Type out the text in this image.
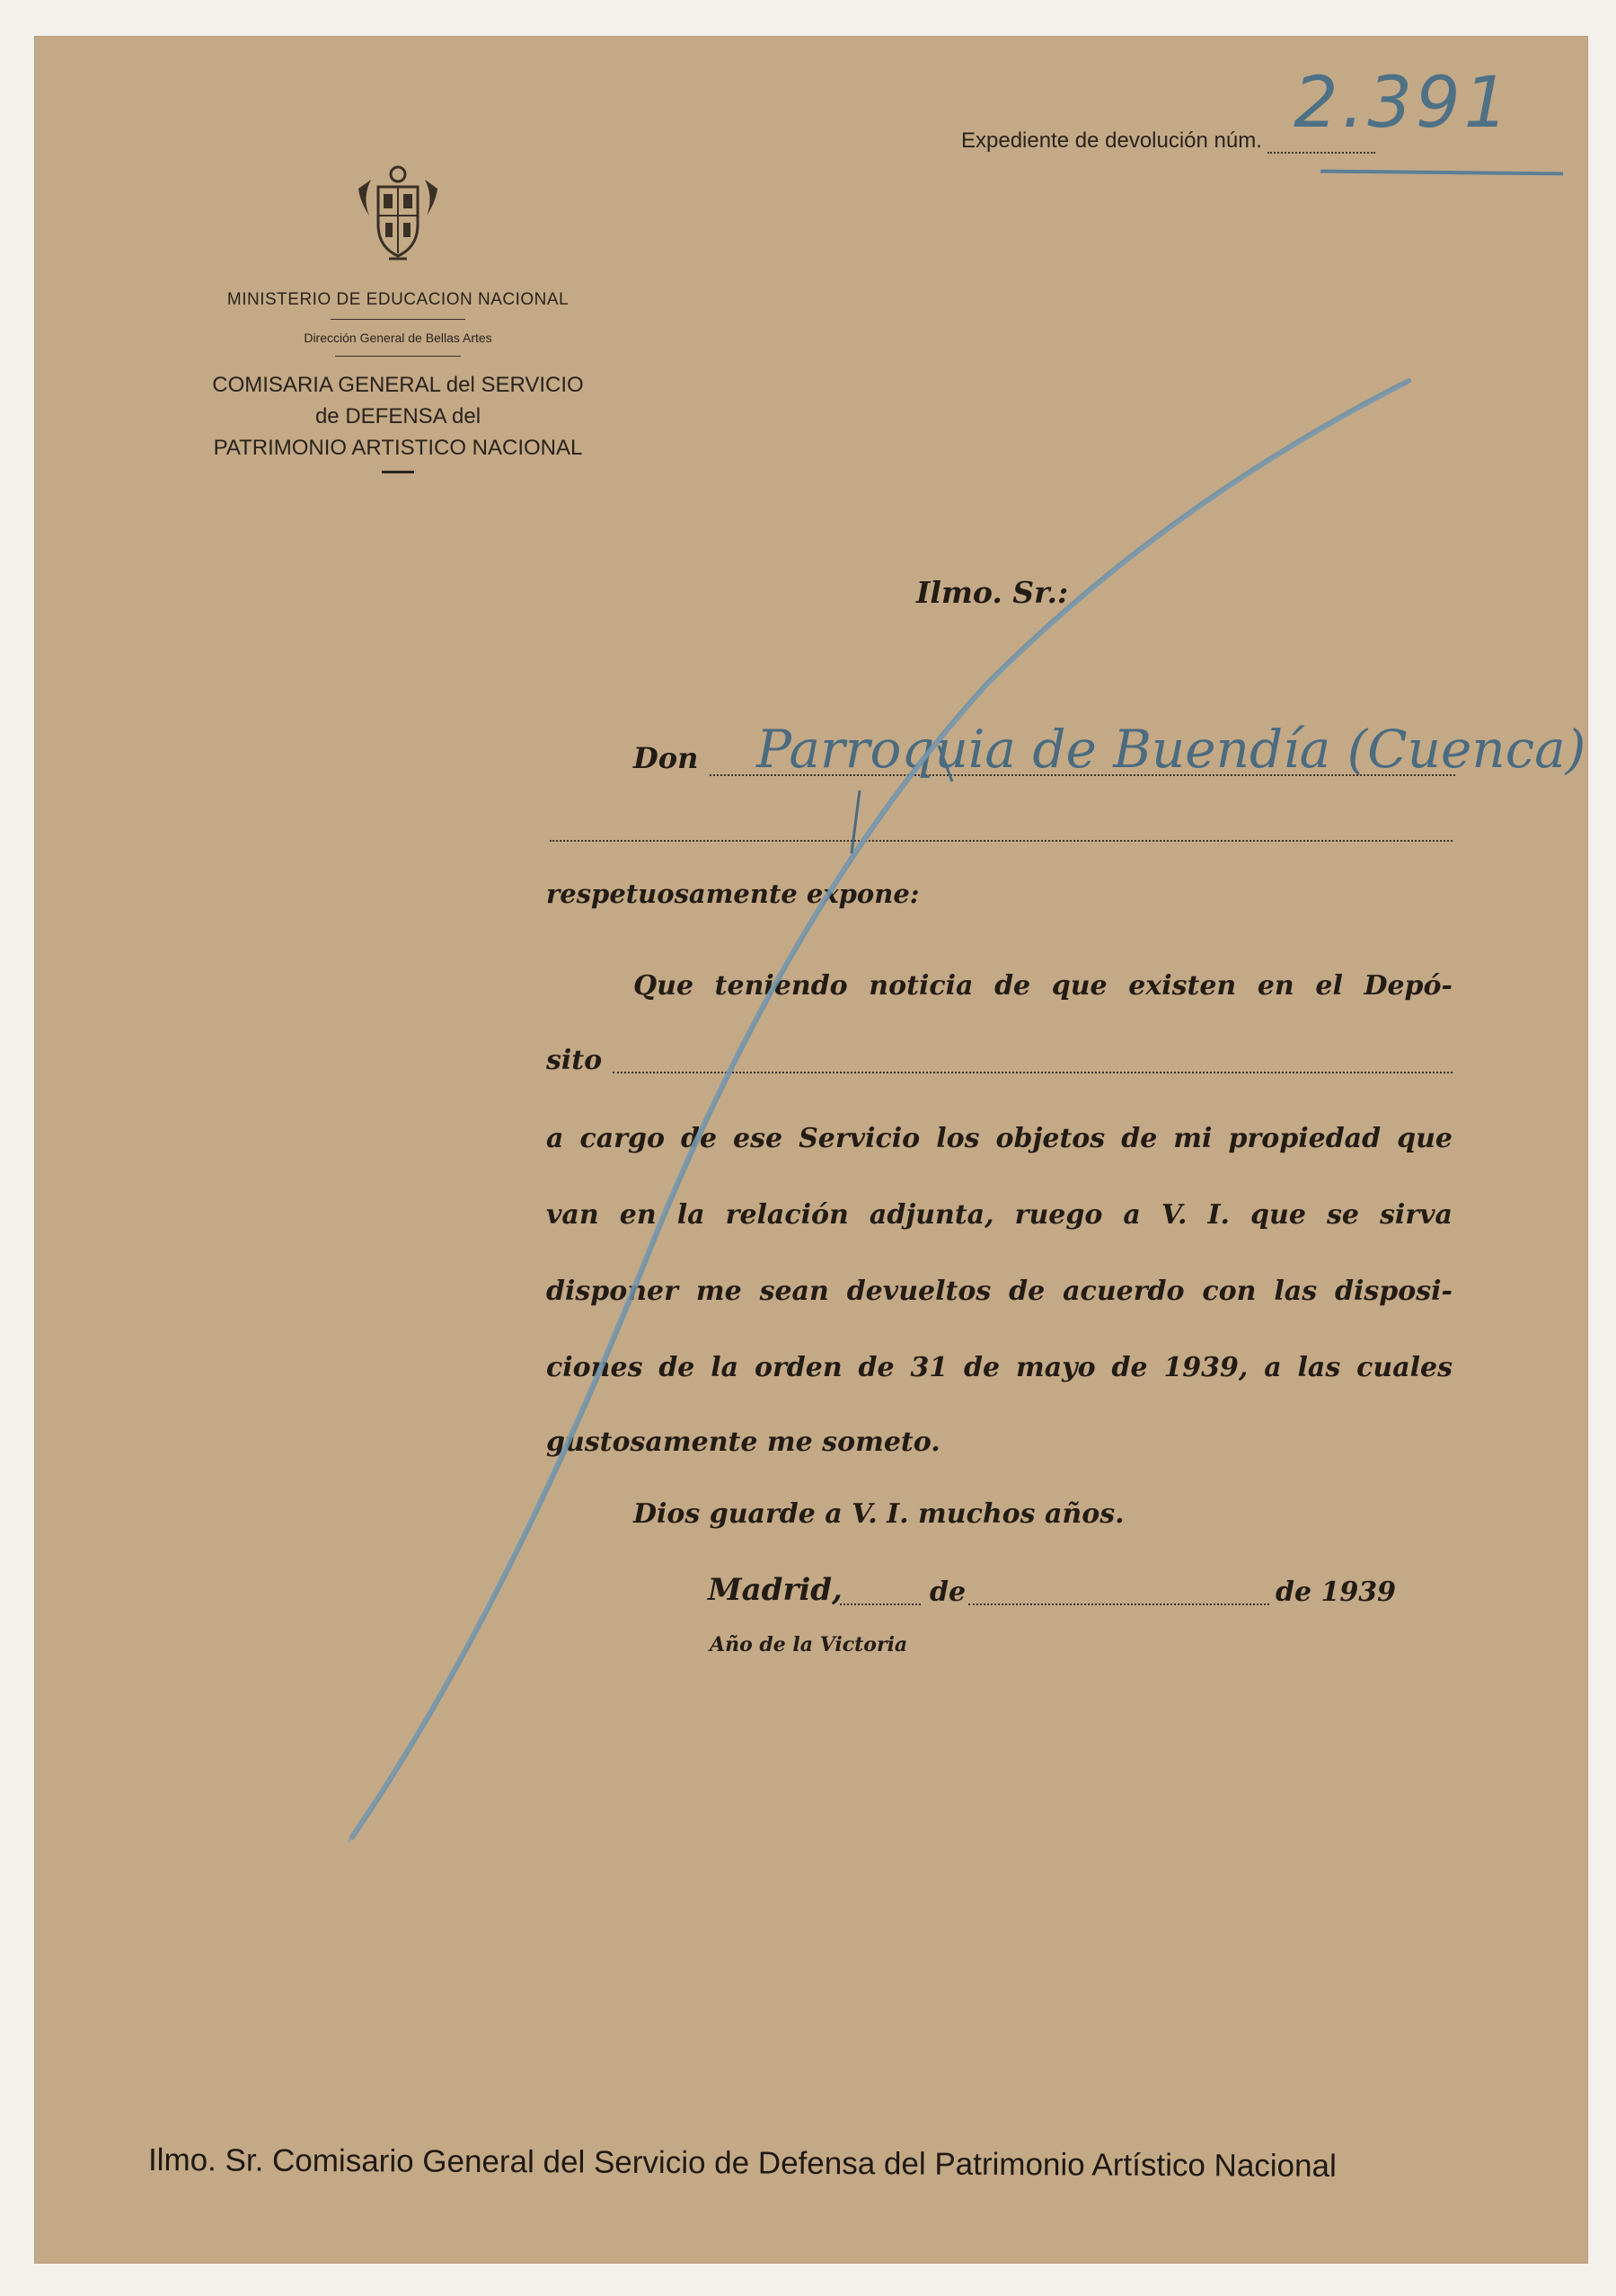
MINISTERIO DE EDUCACION NACIONAL

Dirección General de Bellas Artes

COMISARIA GENERAL del SERVICIO

de DEFENSA del

PATRIMONIO ARTISTICO NACIONAL

Expediente de devolución núm. 2.391
Ilmo. Sr.:
Don Parroquia de Buendía (Cuenca)
respetuosamente expone:
Que teniendo noticia de que existen en el Depó-
sito
a cargo de ese Servicio los objetos de mi propiedad que
van en la relación adjunta, ruego a V. I. que se sirva
disponer me sean devueltos de acuerdo con las disposi-
ciones de la orden de 31 de mayo de 1939, a las cuales
gustosamente me someto.
Dios guarde a V. I. muchos años.
Madrid,	de	de 1939
Año de la Victoria
Ilmo. Sr. Comisario General del Servicio de Defensa del Patrimonio Artístico Nacional
